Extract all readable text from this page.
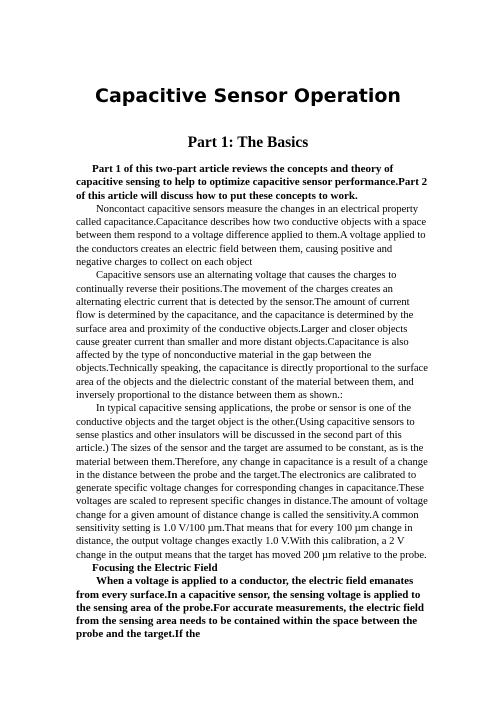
Capacitive Sensor Operation
Part 1: The Basics

Part 1 of this two-part article reviews the concepts and theory of capacitive sensing to help to optimize capacitive sensor performance.Part 2 of this article will discuss how to put these concepts to work.

Noncontact capacitive sensors measure the changes in an electrical property called capacitance.Capacitance describes how two conductive objects with a space between them respond to a voltage difference applied to them.A voltage applied to the conductors creates an electric field between them, causing positive and negative charges to collect on each object

Capacitive sensors use an alternating voltage that causes the charges to continually reverse their positions.The movement of the charges creates an alternating electric current that is detected by the sensor.The amount of current flow is determined by the capacitance, and the capacitance is determined by the surface area and proximity of the conductive objects.Larger and closer objects cause greater current than smaller and more distant objects.Capacitance is also affected by the type of nonconductive material in the gap between the objects.Technically speaking, the capacitance is directly proportional to the surface area of the objects and the dielectric constant of the material between them, and inversely proportional to the distance between them as shown.:

In typical capacitive sensing applications, the probe or sensor is one of the conductive objects and the target object is the other.(Using capacitive sensors to sense plastics and other insulators will be discussed in the second part of this article.) The sizes of the sensor and the target are assumed to be constant, as is the material between them.Therefore, any change in capacitance is a result of a change in the distance between the probe and the target.The electronics are calibrated to generate specific voltage changes for corresponding changes in capacitance.These voltages are scaled to represent specific changes in distance.The amount of voltage change for a given amount of distance change is called the sensitivity.A common sensitivity setting is 1.0 V/100 µm.That means that for every 100 µm change in distance, the output voltage changes exactly 1.0 V.With this calibration, a 2 V change in the output means that the target has moved 200 µm relative to the probe.

Focusing the Electric Field

When a voltage is applied to a conductor, the electric field emanates from every surface.In a capacitive sensor, the sensing voltage is applied to the sensing area of the probe.For accurate measurements, the electric field from the sensing area needs to be contained within the space between the probe and the target.If the
